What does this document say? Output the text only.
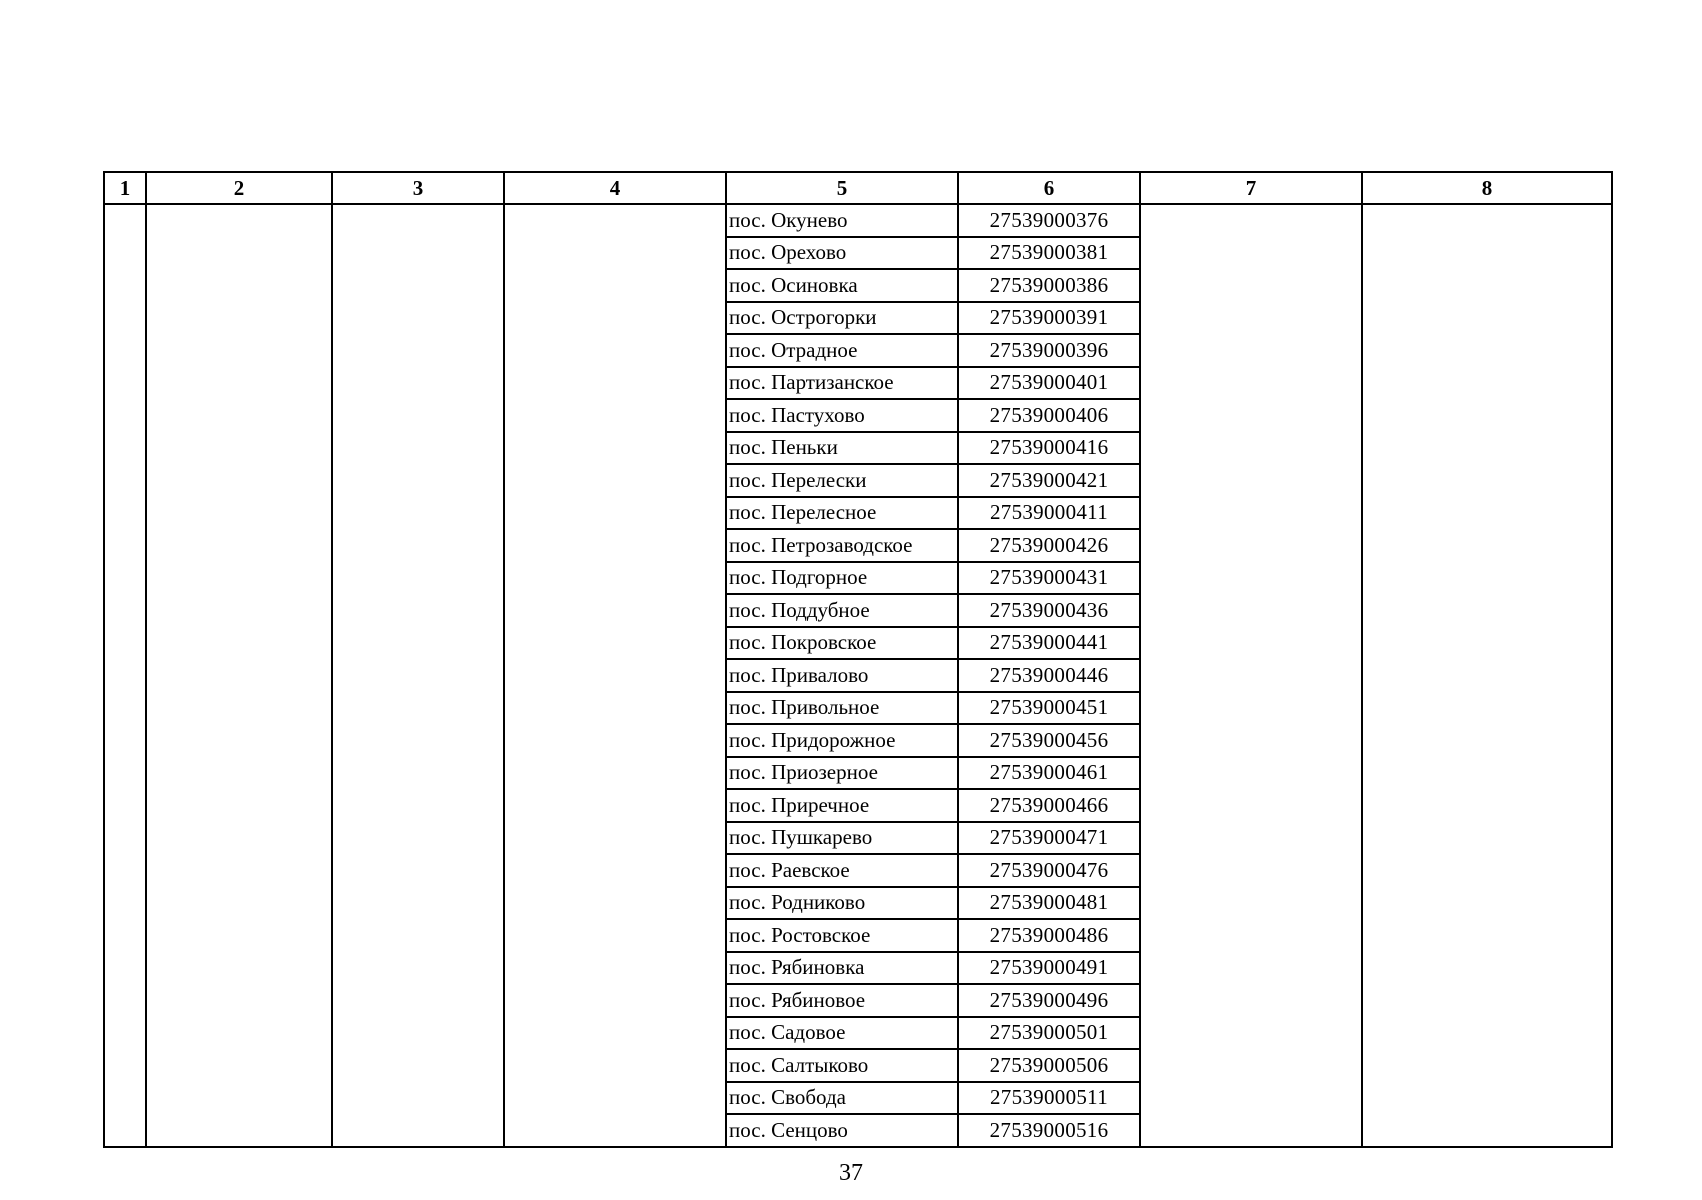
1	2	3	4	5	6	7	8
				пос. Окунево	27539000376		
				пос. Орехово	27539000381		
				пос. Осиновка	27539000386		
				пос. Острогорки	27539000391		
				пос. Отрадное	27539000396		
				пос. Партизанское	27539000401		
				пос. Пастухово	27539000406		
				пос. Пеньки	27539000416		
				пос. Перелески	27539000421		
				пос. Перелесное	27539000411		
				пос. Петрозаводское	27539000426		
				пос. Подгорное	27539000431		
				пос. Поддубное	27539000436		
				пос. Покровское	27539000441		
				пос. Привалово	27539000446		
				пос. Привольное	27539000451		
				пос. Придорожное	27539000456		
				пос. Приозерное	27539000461		
				пос. Приречное	27539000466		
				пос. Пушкарево	27539000471		
				пос. Раевское	27539000476		
				пос. Родниково	27539000481		
				пос. Ростовское	27539000486		
				пос. Рябиновка	27539000491		
				пос. Рябиновое	27539000496		
				пос. Садовое	27539000501		
				пос. Салтыково	27539000506		
				пос. Свобода	27539000511		
				пос. Сенцово	27539000516		
37
